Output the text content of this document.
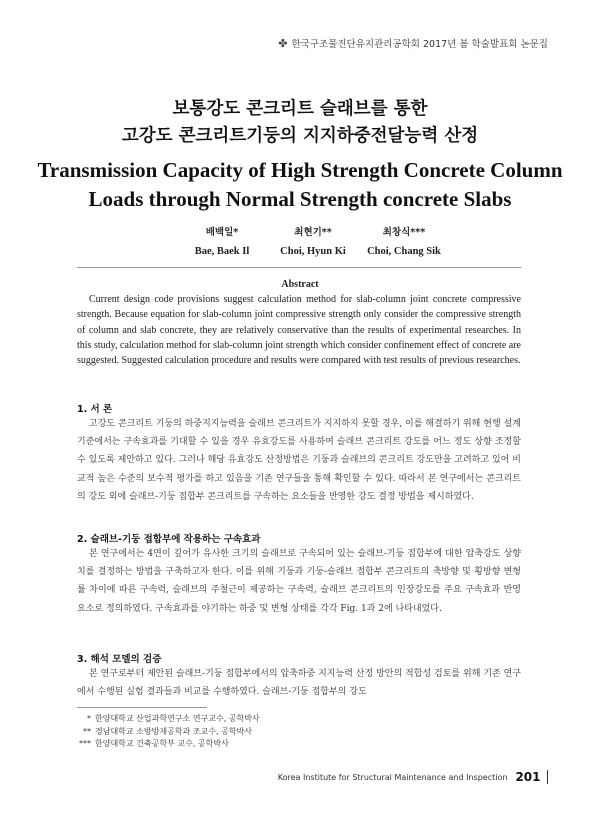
✤ 한국구조물진단유지관리공학회 2017년 봄 학술발표회 논문집
보통강도 콘크리트 슬래브를 통한
고강도 콘크리트기둥의 지지하중전달능력 산정
Transmission Capacity of High Strength Concrete Column
Loads through Normal Strength concrete Slabs
배백일*
Bae, Baek Il
최현기**
Choi, Hyun Ki
최창식***
Choi, Chang Sik
Abstract

Current design code provisions suggest calculation method for slab-column joint concrete compressive strength. Because equation for slab-column joint compressive strength only consider the compressive strength of column and slab concrete, they are relatively conservative than the results of experimental researches. In this study, calculation method for slab-column joint strength which consider confinement effect of concrete are suggested. Suggested calculation procedure and results were compared with test results of previous researches.

1. 서 론

고강도 콘크리트 기둥의 하중지지능력을 슬래브 콘크리트가 지지하지 못할 경우, 이를 해결하기 위해 현행 설계기준에서는 구속효과를 기대할 수 있을 경우 유효강도를 사용하여 슬래브 콘크리트 강도를 어느 정도 상향 조정할 수 있도록 제안하고 있다. 그러나 해당 유효강도 산정방법은 기둥과 슬래브의 콘크리트 강도만을 고려하고 있어 비교적 높은 수준의 보수적 평가를 하고 있음을 기존 연구들을 통해 확인할 수 있다. 따라서 본 연구에서는 콘크리트의 강도 외에 슬래브-기둥 접합부 콘크리트를 구속하는 요소들을 반영한 강도 결정 방법을 제시하였다.

2. 슬래브-기둥 접합부에 작용하는 구속효과

본 연구에서는 4면이 깊어가 유사한 크기의 슬래브로 구속되어 있는 슬래브-기둥 접합부에 대한 압축강도 상향치를 결정하는 방법을 구축하고자 한다. 이를 위해 기둥과 기둥-슬래브 접합부 콘크리트의 축방향 및 횡방향 변형률 차이에 따른 구속력, 슬래브의 주철근이 제공하는 구속력, 슬래브 콘크리트의 인장강도를 주요 구속효과 반영 요소로 정의하였다. 구속효과를 야기하는 하중 및 변형 상태를 각각 Fig. 1과 2에 나타내었다.

3. 해석 모델의 검증

본 연구로부터 제안된 슬래브-기둥 접합부에서의 압축하중 지지능력 산정 방안의 적합성 검토를 위해 기존 연구에서 수행된 실험 결과들과 비교를 수행하였다. 슬래브-기둥 접합부의 강도

* 한양대학교 산업과학연구소 연구교수, 공학박사
** 경남대학교 소방방재공학과 조교수, 공학박사
*** 한양대학교 건축공학부 교수, 공학박사
Korea Institute for Structural Maintenance and Inspection 201
